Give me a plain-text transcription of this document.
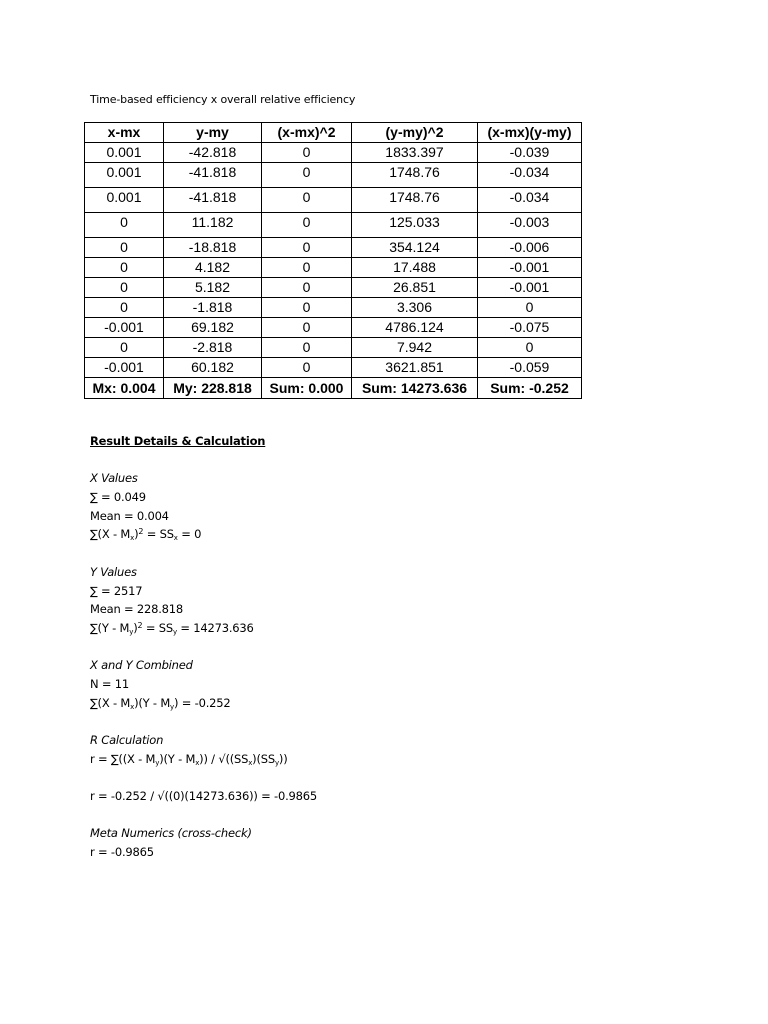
Time-based efficiency x overall relative efficiency
x-mx	y-my	(x-mx)^2	(y-my)^2	(x-mx)(y-my)
0.001	-42.818	0	1833.397	-0.039
0.001	-41.818	0	1748.76	-0.034
0.001	-41.818	0	1748.76	-0.034
0	11.182	0	125.033	-0.003
0	-18.818	0	354.124	-0.006
0	4.182	0	17.488	-0.001
0	5.182	0	26.851	-0.001
0	-1.818	0	3.306	0
-0.001	69.182	0	4786.124	-0.075
0	-2.818	0	7.942	0
-0.001	60.182	0	3621.851	-0.059
Mx: 0.004	My: 228.818	Sum: 0.000	Sum: 14273.636	Sum: -0.252
Result Details & Calculation
X Values
∑ = 0.049
Mean = 0.004
$\sum(X - M_x)^2 = SS_x = 0$
Y Values
∑ = 2517
Mean = 228.818
$\sum(Y - M_y)^2 = SS_y = 14273.636$
X and Y Combined
N = 11
$\sum(X - M_x)(Y - M_y) = -0.252$
R Calculation
$r = \sum((X - M_y)(Y - M_x)) / √((SS_x)(SS_y))$
r = -0.252 / √((0)(14273.636)) = -0.9865
Meta Numerics (cross-check)
r = -0.9865
